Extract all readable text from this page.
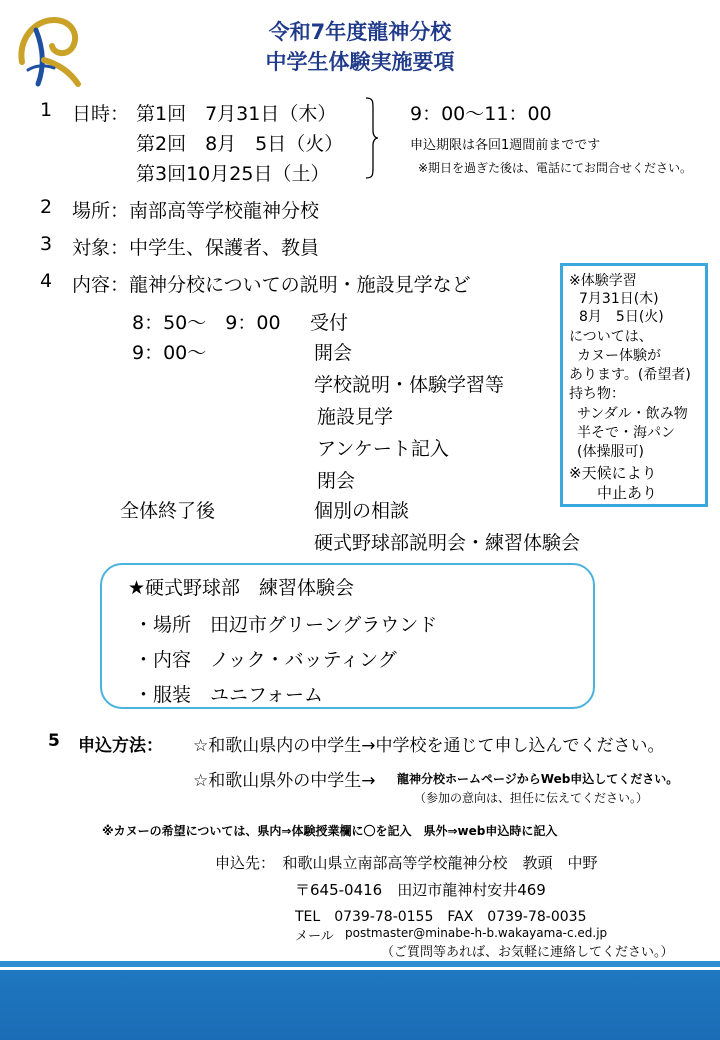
令和7年度龍神分校
中学生体験実施要項
1 日時： 第1回　7月31日（木）
第2回　8月　5日（火）
第3回10月25日（土）
9：00〜11：00
申込期限は各回1週間前までです
※期日を過ぎた後は、電話にてお問合せください。
2 場所：南部高等学校龍神分校
3 対象：中学生、保護者、教員
4 内容：龍神分校についての説明・施設見学など
8：50〜　9：00 受付
9：00〜	開会
学校説明・体験学習等
施設見学
アンケート記入
閉会
全体終了後	個別の相談
硬式野球部説明会・練習体験会
※体験学習
7月31日(木)
8月　5日(火)
については、
カヌー体験が
あります。(希望者)
持ち物：
サンダル・飲み物
半そで・海パン
(体操服可)
※天候により
中止あり
★硬式野球部　練習体験会
・場所　田辺市グリーングラウンド
・内容　ノック・バッティング
・服装　ユニフォーム
5 申込方法： ☆和歌山県内の中学生→中学校を通じて申し込んでください。
☆和歌山県外の中学生→ 龍神分校ホームページからWeb申込してください。
（参加の意向は、担任に伝えてください。）
※カヌーの希望については、県内⇒体験授業欄に〇を記入　県外⇒web申込時に記入
申込先：　和歌山県立南部高等学校龍神分校　教頭　中野
〒645-0416　田辺市龍神村安井469
TEL　0739-78-0155　FAX　0739-78-0035
メール postmaster@minabe-h-b.wakayama-c.ed.jp
（ご質問等あれば、お気軽に連絡してください。）
